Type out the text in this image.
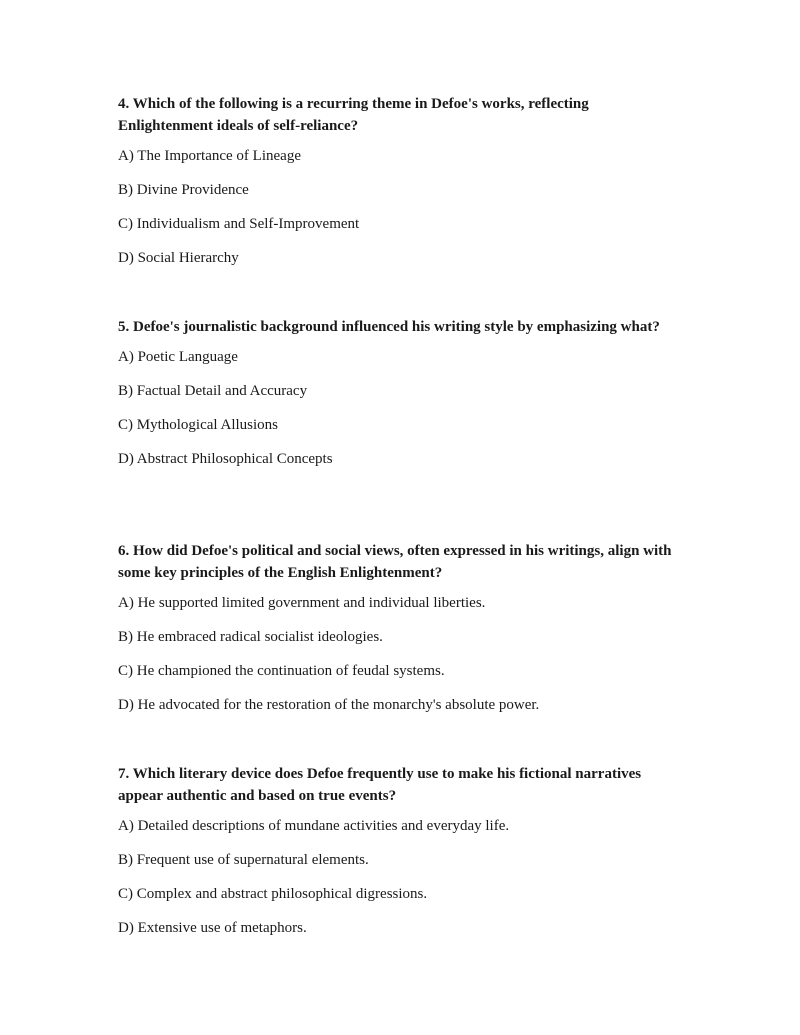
4. Which of the following is a recurring theme in Defoe's works, reflecting Enlightenment ideals of self-reliance?

A) The Importance of Lineage
B) Divine Providence
C) Individualism and Self-Improvement
D) Social Hierarchy

5. Defoe's journalistic background influenced his writing style by emphasizing what?

A) Poetic Language
B) Factual Detail and Accuracy
C) Mythological Allusions
D) Abstract Philosophical Concepts

6. How did Defoe's political and social views, often expressed in his writings, align with some key principles of the English Enlightenment?

A) He supported limited government and individual liberties.
B) He embraced radical socialist ideologies.
C) He championed the continuation of feudal systems.
D) He advocated for the restoration of the monarchy's absolute power.

7. Which literary device does Defoe frequently use to make his fictional narratives appear authentic and based on true events?

A) Detailed descriptions of mundane activities and everyday life.
B) Frequent use of supernatural elements.
C) Complex and abstract philosophical digressions.
D) Extensive use of metaphors.
